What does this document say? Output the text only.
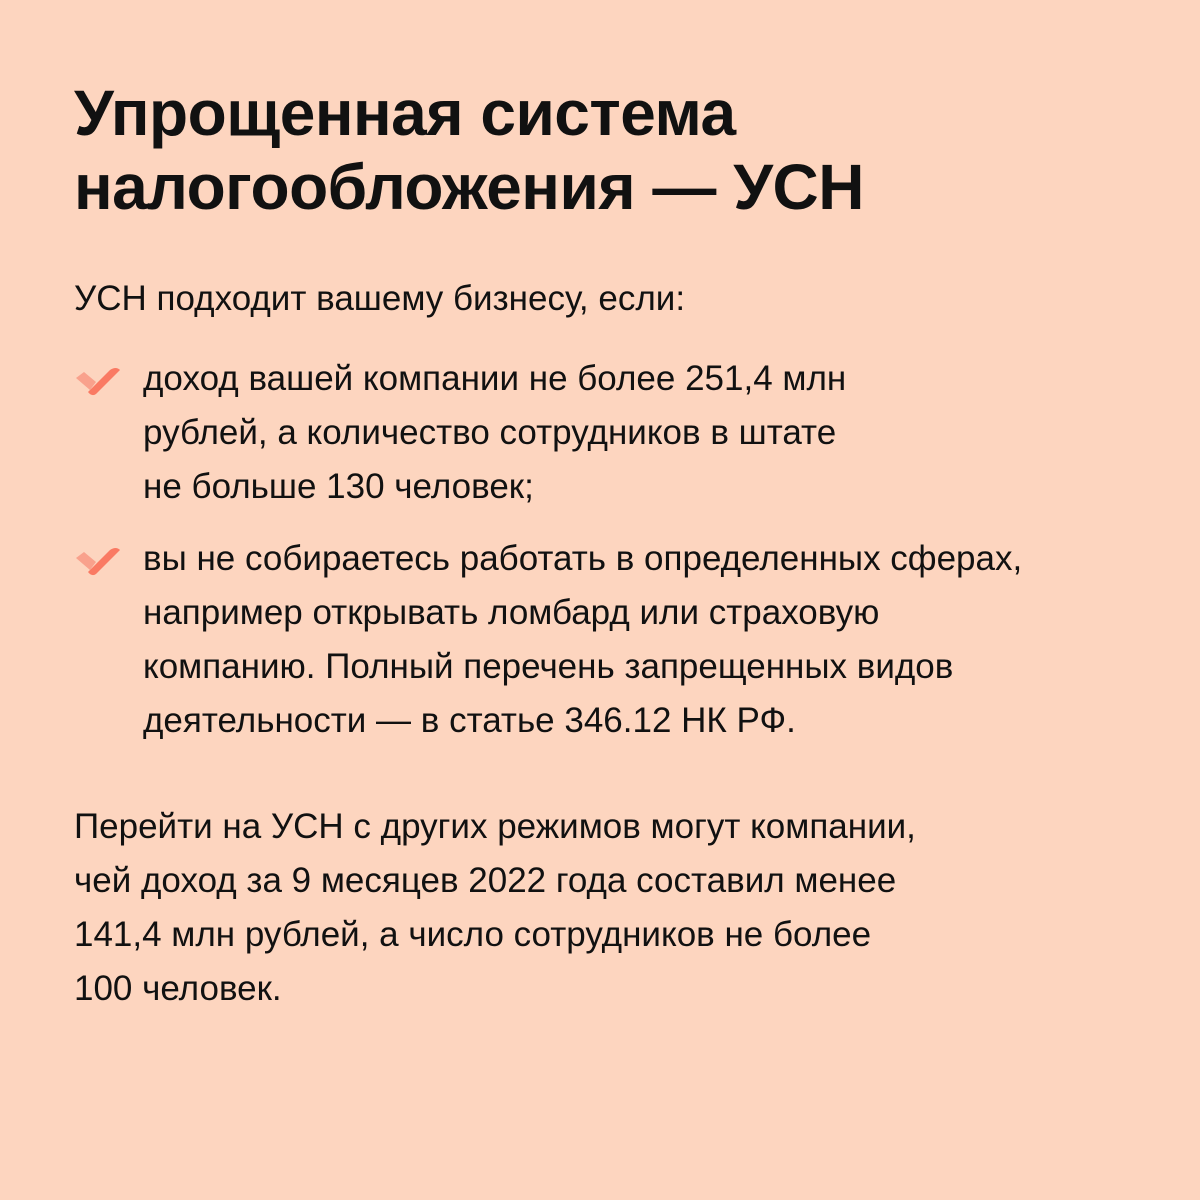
Упрощенная система
налогообложения — УСН
УСН подходит вашему бизнесу, если:
доход вашей компании не более 251,4 млн
рублей, а количество сотрудников в штате
не больше 130 человек;
вы не собираетесь работать в определенных сферах,
например открывать ломбард или страховую
компанию. Полный перечень запрещенных видов
деятельности — в статье 346.12 НК РФ.
Перейти на УСН с других режимов могут компании,
чей доход за 9 месяцев 2022 года составил менее
141,4 млн рублей, а число сотрудников не более
100 человек.
